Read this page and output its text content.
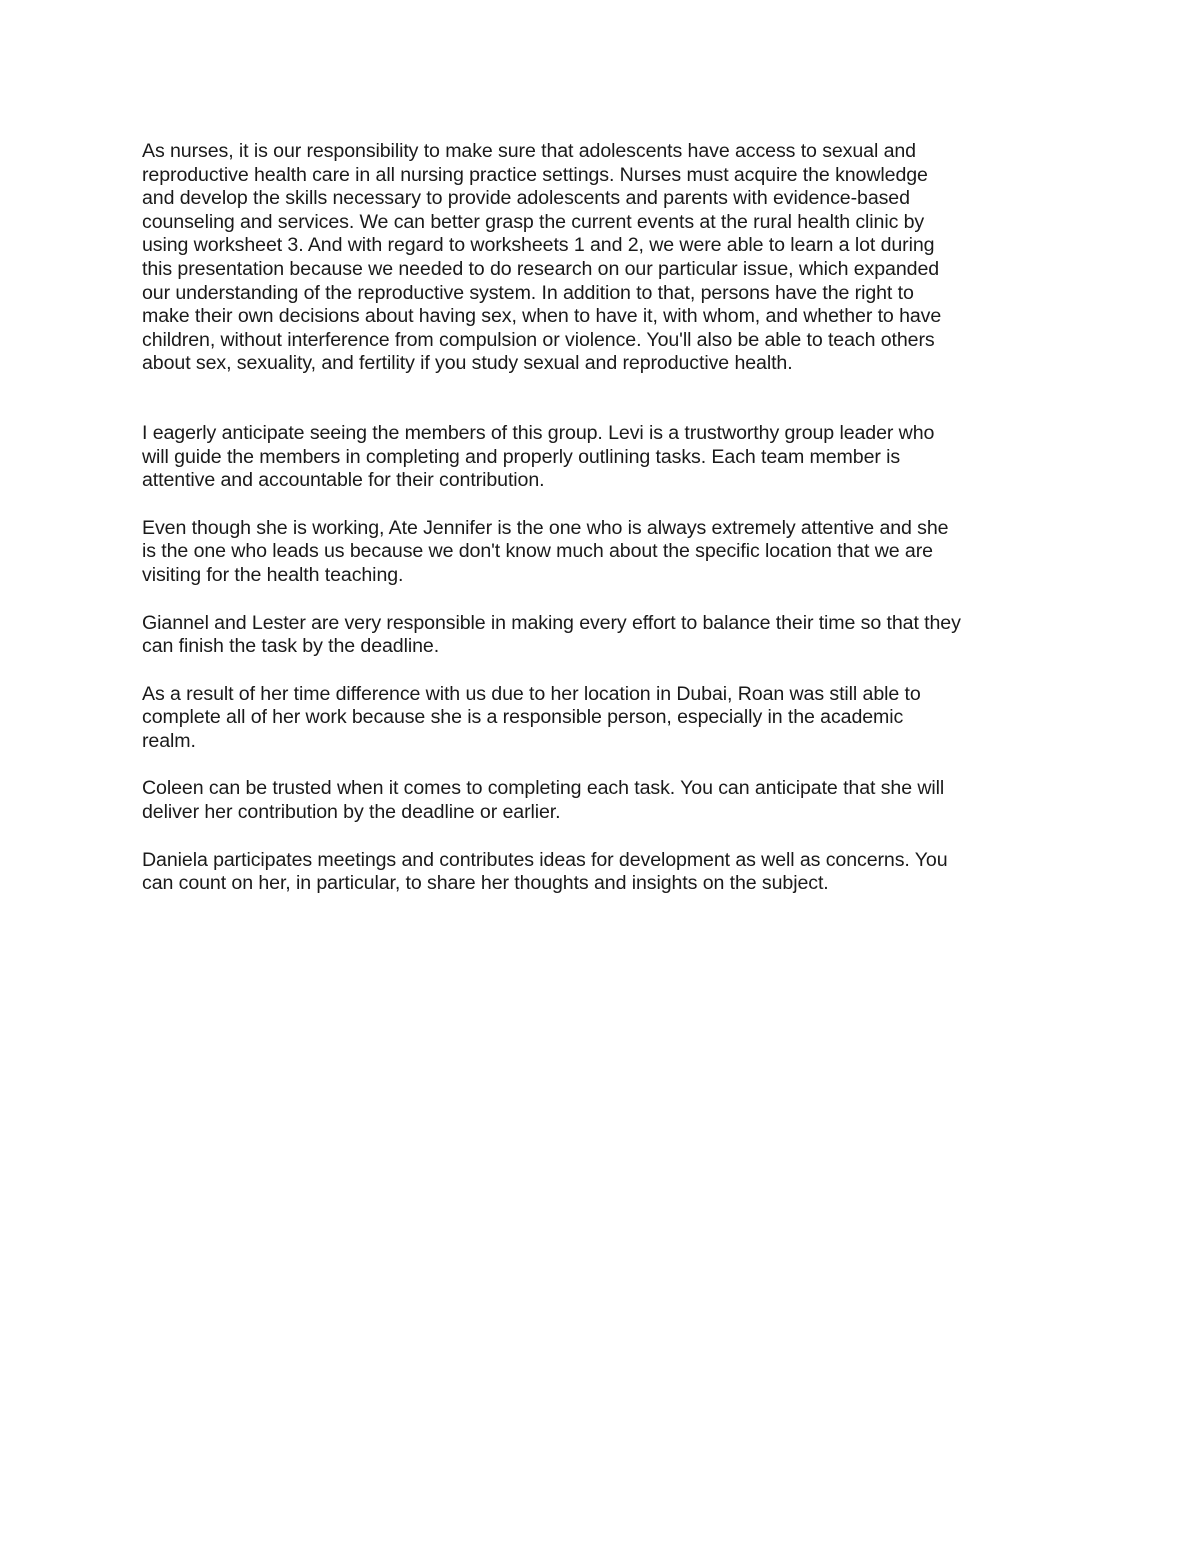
As nurses, it is our responsibility to make sure that adolescents have access to sexual and
reproductive health care in all nursing practice settings. Nurses must acquire the knowledge
and develop the skills necessary to provide adolescents and parents with evidence-based
counseling and services. We can better grasp the current events at the rural health clinic by
using worksheet 3. And with regard to worksheets 1 and 2, we were able to learn a lot during
this presentation because we needed to do research on our particular issue, which expanded
our understanding of the reproductive system. In addition to that, persons have the right to
make their own decisions about having sex, when to have it, with whom, and whether to have
children, without interference from compulsion or violence. You'll also be able to teach others
about sex, sexuality, and fertility if you study sexual and reproductive health.

I eagerly anticipate seeing the members of this group. Levi is a trustworthy group leader who
will guide the members in completing and properly outlining tasks. Each team member is
attentive and accountable for their contribution.

Even though she is working, Ate Jennifer is the one who is always extremely attentive and she
is the one who leads us because we don't know much about the specific location that we are
visiting for the health teaching.

Giannel and Lester are very responsible in making every effort to balance their time so that they
can finish the task by the deadline.

As a result of her time difference with us due to her location in Dubai, Roan was still able to
complete all of her work because she is a responsible person, especially in the academic
realm.

Coleen can be trusted when it comes to completing each task. You can anticipate that she will
deliver her contribution by the deadline or earlier.

Daniela participates meetings and contributes ideas for development as well as concerns. You
can count on her, in particular, to share her thoughts and insights on the subject.
